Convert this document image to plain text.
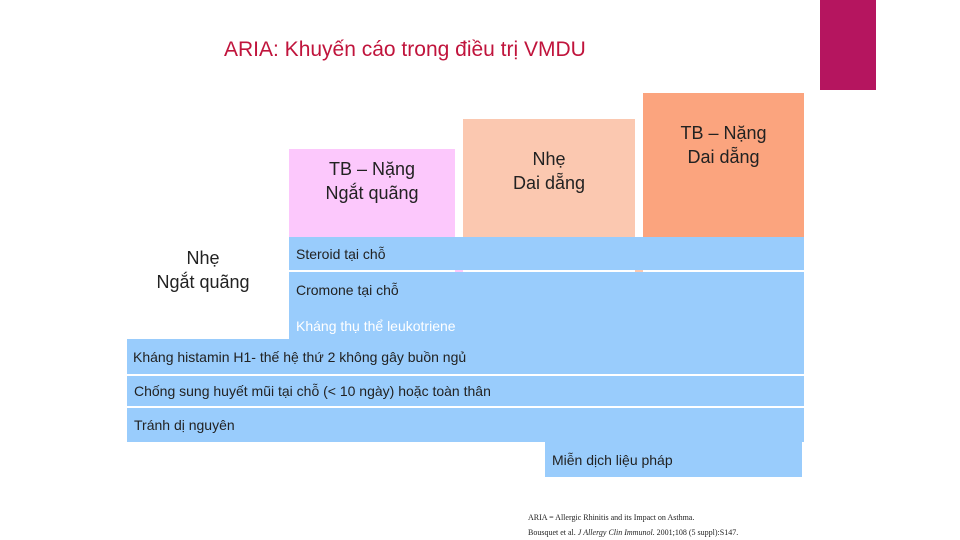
ARIA: Khuyến cáo trong điều trị VMDU
TB – Nặng
Ngắt quãng
Nhẹ
Dai dẵng
TB – Nặng
Dai dẵng
Nhẹ
Ngắt quãng
Steroid tại chỗ
Cromone tại chỗ
Kháng thụ thể leukotriene
Kháng histamin H1- thế hệ thứ 2 không gây buồn ngủ
Chống sung huyết mũi tại chỗ (< 10 ngày) hoặc toàn thân
Tránh dị nguyên
Miễn dịch liệu pháp
ARIA = Allergic Rhinitis and its Impact on Asthma.
Bousquet et al. J Allergy Clin Immunol. 2001;108 (5 suppl):S147.
